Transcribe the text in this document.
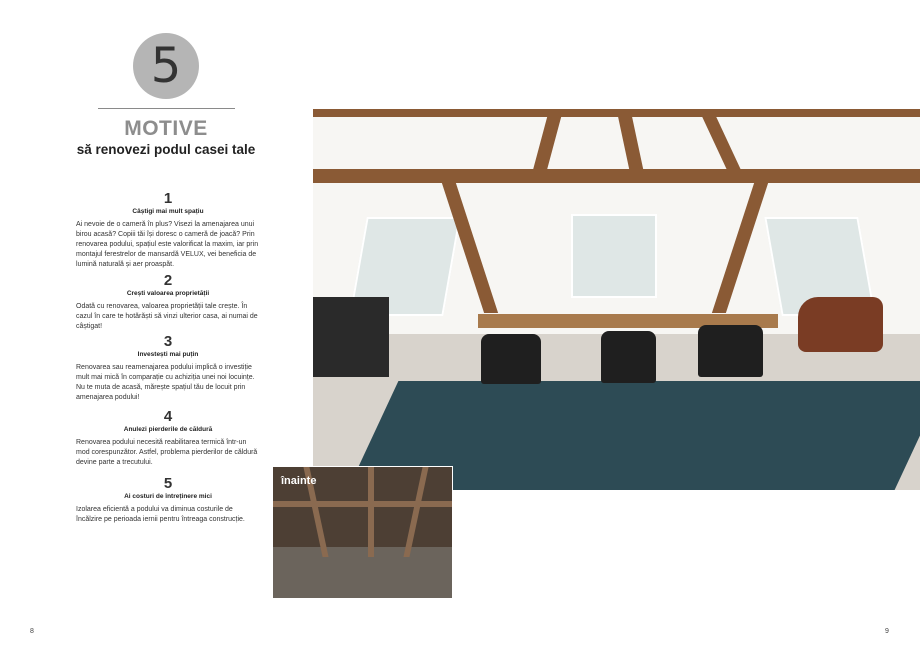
5
MOTIVE
să renovezi podul casei tale
1
Câștigi mai mult spațiu
Ai nevoie de o cameră în plus? Visezi la amenajarea unui birou acasă? Copiii tăi își doresc o cameră de joacă? Prin renovarea podului, spațiul este valorificat la maxim, iar prin montajul ferestrelor de mansardă VELUX, vei beneficia de lumină naturală și aer proaspăt.
2
Crești valoarea proprietății
Odată cu renovarea, valoarea proprietății tale crește. În cazul în care te hotărăști să vinzi ulterior casa, ai numai de câștigat!
3
Investești mai puțin
Renovarea sau reamenajarea podului implică o investiție mult mai mică în comparație cu achiziția unei noi locuințe. Nu te muta de acasă, mărește spațiul tău de locuit prin amenajarea podului!
4
Anulezi pierderile de căldură
Renovarea podului necesită reabilitarea termică într-un mod corespunzător. Astfel, problema pierderilor de căldură devine parte a trecutului.
5
Ai costuri de întreținere mici
Izolarea eficientă a podului va diminua costurile de încălzire pe perioada iernii pentru întreaga construcție.
înainte
8	9
